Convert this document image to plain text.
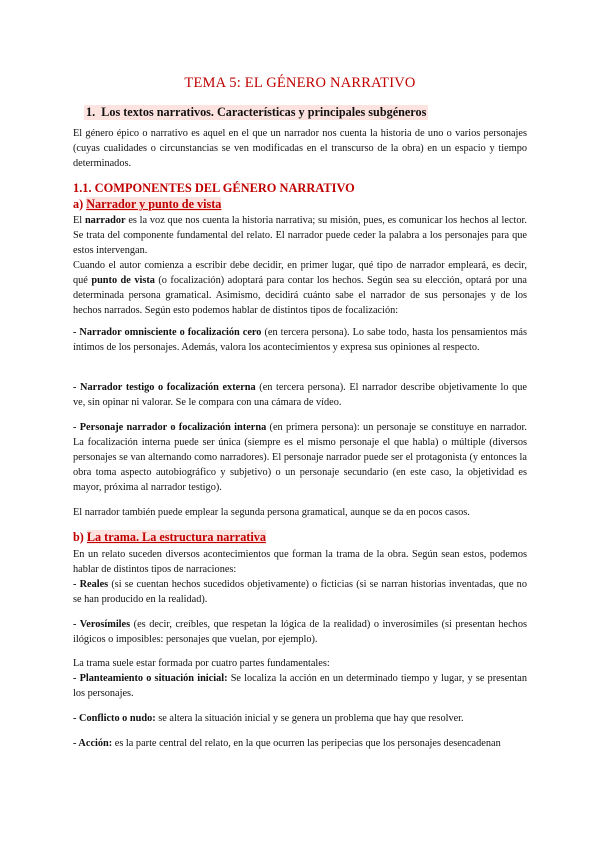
TEMA 5: EL GÉNERO NARRATIVO
1. Los textos narrativos. Características y principales subgéneros

El género épico o narrativo es aquel en el que un narrador nos cuenta la historia de uno o varios personajes (cuyas cualidades o circunstancias se ven modificadas en el transcurso de la obra) en un espacio y tiempo determinados.

1.1. COMPONENTES DEL GÉNERO NARRATIVO
a) Narrador y punto de vista

El narrador es la voz que nos cuenta la historia narrativa; su misión, pues, es comunicar los hechos al lector. Se trata del componente fundamental del relato. El narrador puede ceder la palabra a los personajes para que estos intervengan.

Cuando el autor comienza a escribir debe decidir, en primer lugar, qué tipo de narrador empleará, es decir, qué punto de vista (o focalización) adoptará para contar los hechos. Según sea su elección, optará por una determinada persona gramatical. Asimismo, decidirá cuánto sabe el narrador de sus personajes y de los hechos narrados. Según esto podemos hablar de distintos tipos de focalización:

- Narrador omnisciente o focalización cero (en tercera persona). Lo sabe todo, hasta los pensamientos más íntimos de los personajes. Además, valora los acontecimientos y expresa sus opiniones al respecto.

- Narrador testigo o focalización externa (en tercera persona). El narrador describe objetivamente lo que ve, sin opinar ni valorar. Se le compara con una cámara de vídeo.

- Personaje narrador o focalización interna (en primera persona): un personaje se constituye en narrador. La focalización interna puede ser única (siempre es el mismo personaje el que habla) o múltiple (diversos personajes se van alternando como narradores). El personaje narrador puede ser el protagonista (y entonces la obra toma aspecto autobiográfico y subjetivo) o un personaje secundario (en este caso, la objetividad es mayor, próxima al narrador testigo).

El narrador también puede emplear la segunda persona gramatical, aunque se da en pocos casos.

b) La trama. La estructura narrativa

En un relato suceden diversos acontecimientos que forman la trama de la obra. Según sean estos, podemos hablar de distintos tipos de narraciones:

- Reales (si se cuentan hechos sucedidos objetivamente) o ficticias (si se narran historias inventadas, que no se han producido en la realidad).

- Verosímiles (es decir, creíbles, que respetan la lógica de la realidad) o inverosímiles (si presentan hechos ilógicos o imposibles: personajes que vuelan, por ejemplo).

La trama suele estar formada por cuatro partes fundamentales:

- Planteamiento o situación inicial: Se localiza la acción en un determinado tiempo y lugar, y se presentan los personajes.

- Conflicto o nudo: se altera la situación inicial y se genera un problema que hay que resolver.

- Acción: es la parte central del relato, en la que ocurren las peripecias que los personajes desencadenan
